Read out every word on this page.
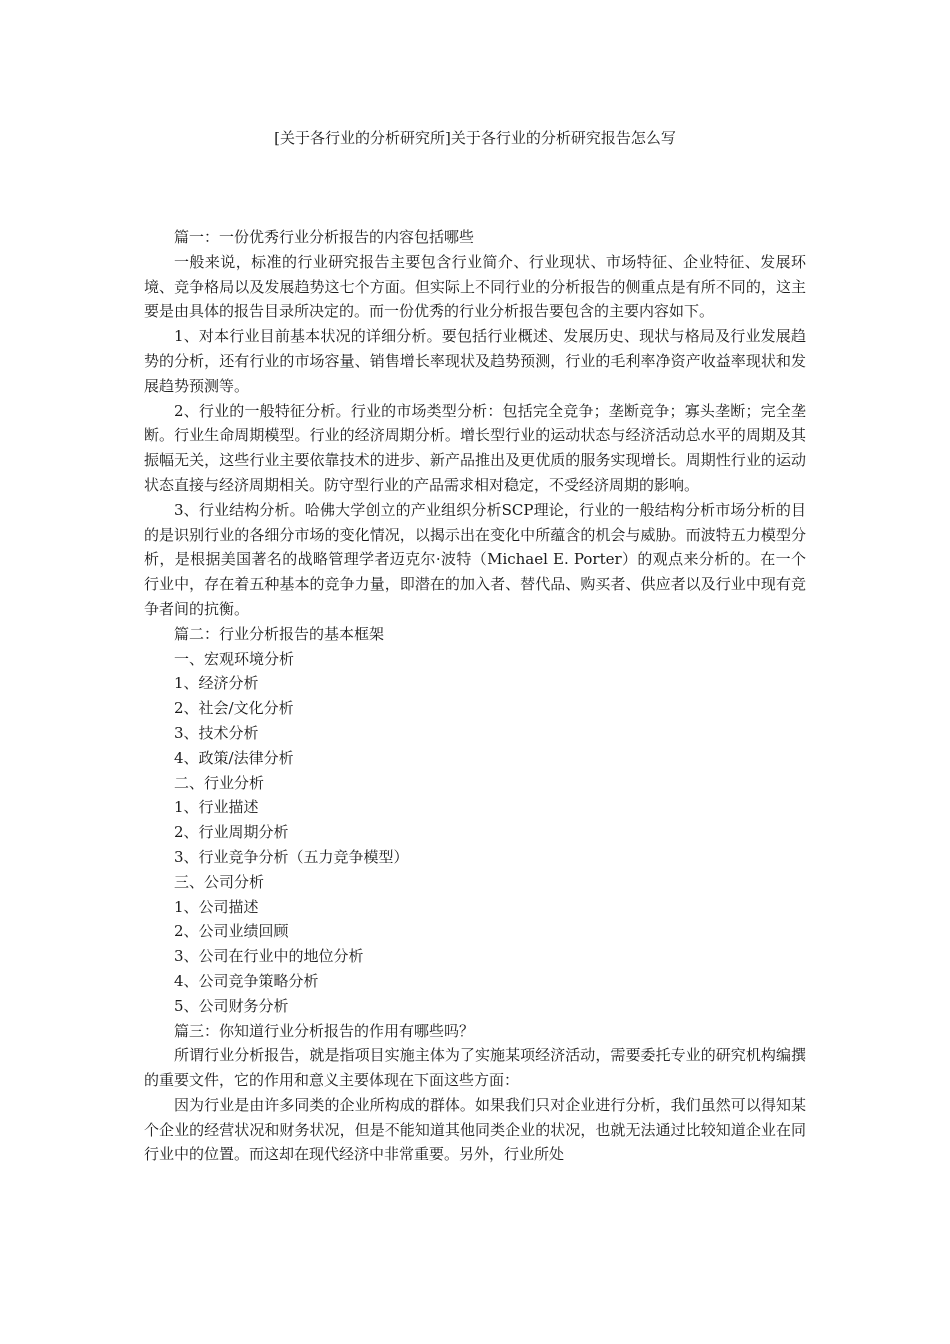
[关于各行业的分析研究所]关于各行业的分析研究报告怎么写

篇一：一份优秀行业分析报告的内容包括哪些

一般来说，标准的行业研究报告主要包含行业简介、行业现状、市场特征、企业特征、发展环境、竞争格局以及发展趋势这七个方面。但实际上不同行业的分析报告的侧重点是有所不同的，这主要是由具体的报告目录所决定的。而一份优秀的行业分析报告要包含的主要内容如下。

1、对本行业目前基本状况的详细分析。要包括行业概述、发展历史、现状与格局及行业发展趋势的分析，还有行业的市场容量、销售增长率现状及趋势预测，行业的毛利率净资产收益率现状和发展趋势预测等。

2、行业的一般特征分析。行业的市场类型分析：包括完全竞争；垄断竞争；寡头垄断；完全垄断。行业生命周期模型。行业的经济周期分析。增长型行业的运动状态与经济活动总水平的周期及其振幅无关，这些行业主要依靠技术的进步、新产品推出及更优质的服务实现增长。周期性行业的运动状态直接与经济周期相关。防守型行业的产品需求相对稳定，不受经济周期的影响。

3、行业结构分析。哈佛大学创立的产业组织分析SCP理论，行业的一般结构分析市场分析的目的是识别行业的各细分市场的变化情况，以揭示出在变化中所蕴含的机会与威胁。而波特五力模型分析，是根据美国著名的战略管理学者迈克尔·波特（Michael E. Porter）的观点来分析的。在一个行业中，存在着五种基本的竞争力量，即潜在的加入者、替代品、购买者、供应者以及行业中现有竞争者间的抗衡。

篇二：行业分析报告的基本框架

一、宏观环境分析

1、经济分析

2、社会/文化分析

3、技术分析

4、政策/法律分析

二、行业分析

1、行业描述

2、行业周期分析

3、行业竞争分析（五力竞争模型）

三、公司分析

1、公司描述

2、公司业绩回顾

3、公司在行业中的地位分析

4、公司竞争策略分析

5、公司财务分析

篇三：你知道行业分析报告的作用有哪些吗？

所谓行业分析报告，就是指项目实施主体为了实施某项经济活动，需要委托专业的研究机构编撰的重要文件，它的作用和意义主要体现在下面这些方面：

因为行业是由许多同类的企业所构成的群体。如果我们只对企业进行分析，我们虽然可以得知某个企业的经营状况和财务状况，但是不能知道其他同类企业的状况，也就无法通过比较知道企业在同行业中的位置。而这却在现代经济中非常重要。另外，行业所处
